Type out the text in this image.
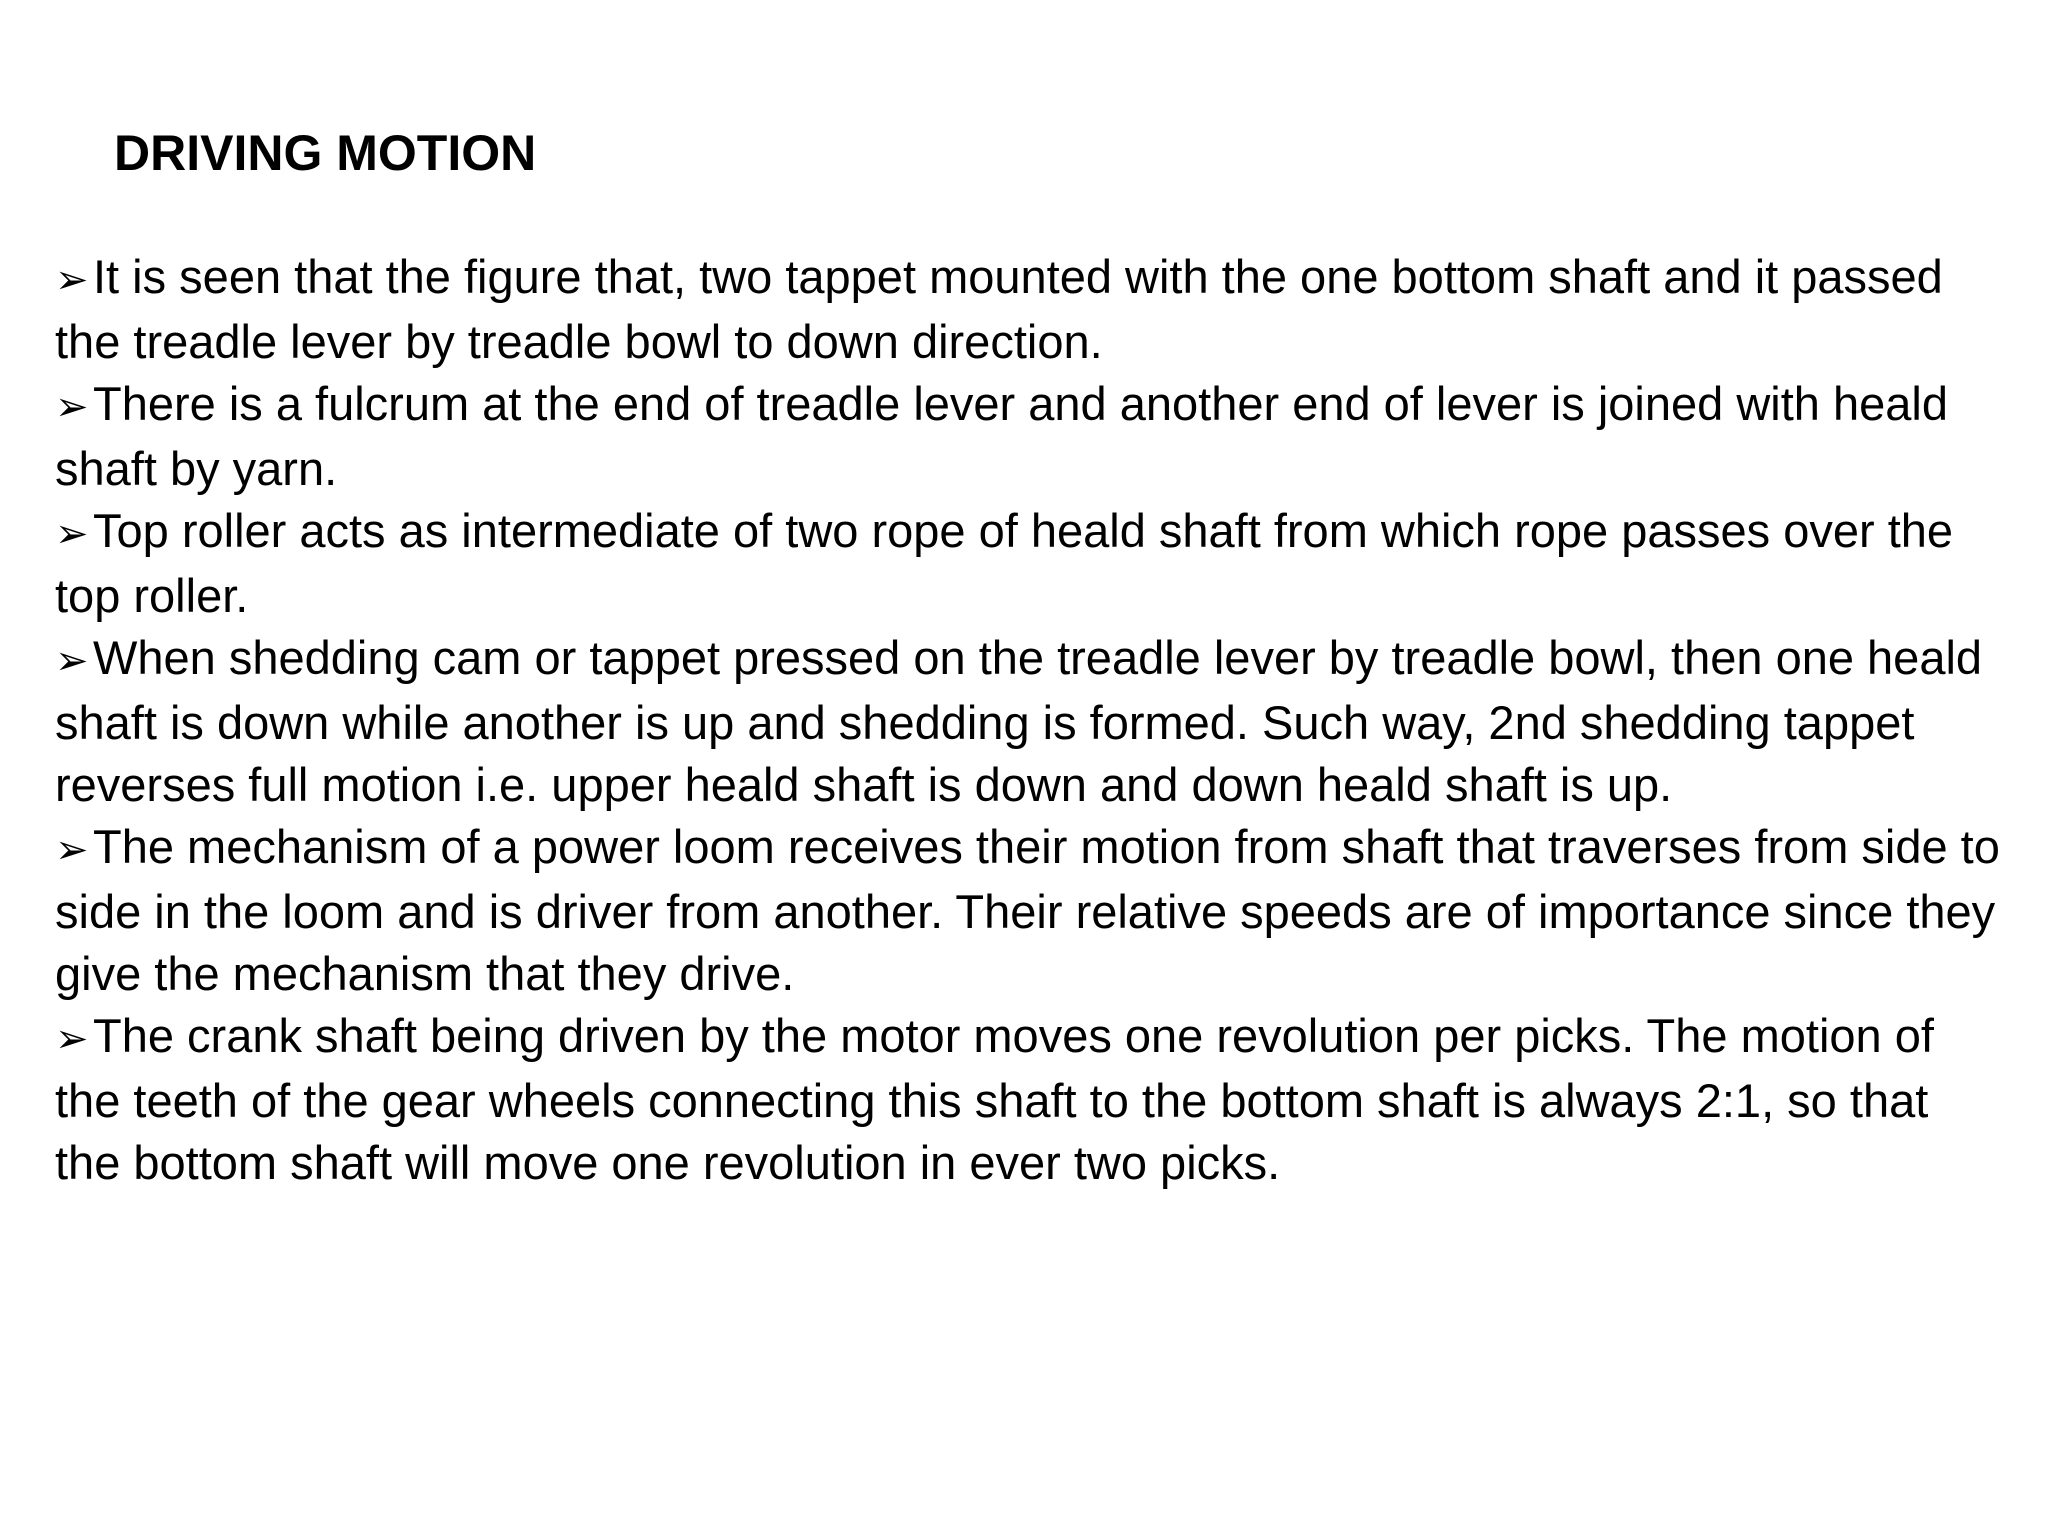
DRIVING MOTION

➢It is seen that the figure that, two tappet mounted with the one bottom shaft and it passed the treadle lever by treadle bowl to down direction.

➢There is a fulcrum at the end of treadle lever and another end of lever is joined with heald shaft by yarn.

➢Top roller acts as intermediate of two rope of heald shaft from which rope passes over the top roller.

➢When shedding cam or tappet pressed on the treadle lever by treadle bowl, then one heald shaft is down while another is up and shedding is formed. Such way, 2nd shedding tappet reverses full motion i.e. upper heald shaft is down and down heald shaft is up.

➢The mechanism of a power loom receives their motion from shaft that traverses from side to side in the loom and is driver from another. Their relative speeds are of importance since they give the mechanism that they drive.

➢The crank shaft being driven by the motor moves one revolution per picks. The motion of the teeth of the gear wheels connecting this shaft to the bottom shaft is always 2:1, so that the bottom shaft will move one revolution in ever two picks.
